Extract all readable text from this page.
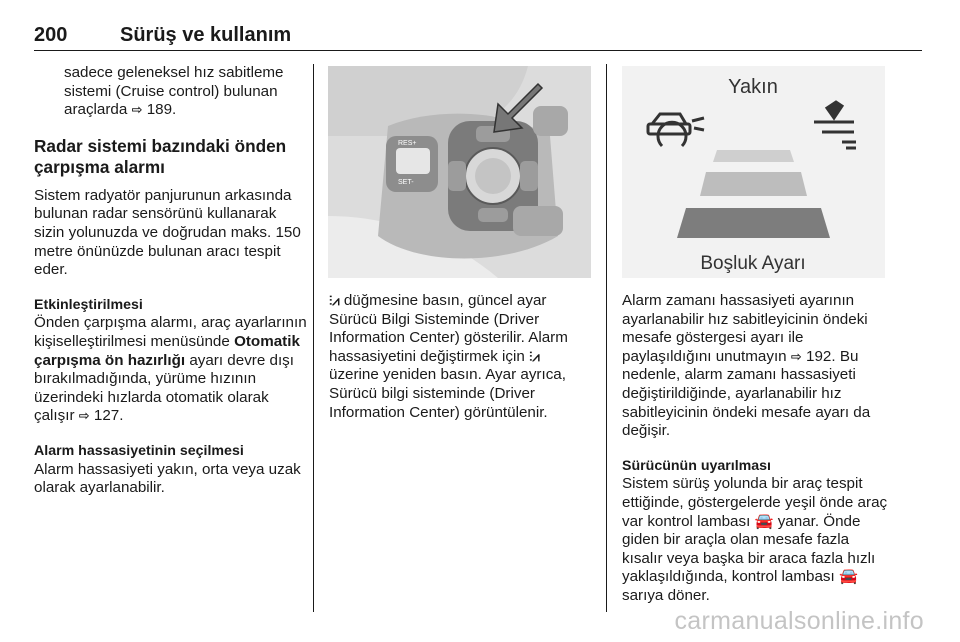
200	Sürüş ve kullanım

sadece geleneksel hız sabitleme sistemi (Cruise control) bulunan araçlarda ⇨ 189.

Radar sistemi bazındaki önden çarpışma alarmı

Sistem radyatör panjurunun arkasında bulunan radar sensörünü kullanarak sizin yolunuzda ve doğrudan maks. 150 metre önünüzde bulunan aracı tespit eder.

Etkinleştirilmesi

Önden çarpışma alarmı, araç ayarlarının kişiselleştirilmesi menüsünde Otomatik çarpışma ön hazırlığı ayarı devre dışı bırakılmadığında, yürüme hızının üzerindeki hızlarda otomatik olarak çalışır ⇨ 127.

Alarm hassasiyetinin seçilmesi

Alarm hassasiyeti yakın, orta veya uzak olarak ayarlanabilir.

RES+
SET-
Yakın
Boşluk Ayarı

⫶⩘ düğmesine basın, güncel ayar Sürücü Bilgi Sisteminde (Driver Information Center) gösterilir. Alarm hassasiyetini değiştirmek için ⫶⩘ üzerine yeniden basın. Ayar ayrıca, Sürücü bilgi sisteminde (Driver Information Center) görüntülenir.

Alarm zamanı hassasiyeti ayarının ayarlanabilir hız sabitleyicinin öndeki mesafe göstergesi ayarı ile paylaşıldığını unutmayın ⇨ 192. Bu nedenle, alarm zamanı hassasiyeti değiştirildiğinde, ayarlanabilir hız sabitleyicinin öndeki mesafe ayarı da değişir.

Sürücünün uyarılması

Sistem sürüş yolunda bir araç tespit ettiğinde, göstergelerde yeşil önde araç var kontrol lambası 🚘 yanar. Önde giden bir araçla olan mesafe fazla kısalır veya başka bir araca fazla hızlı yaklaşıldığında, kontrol lambası 🚘 sarıya döner.

carmanualsonline.info
